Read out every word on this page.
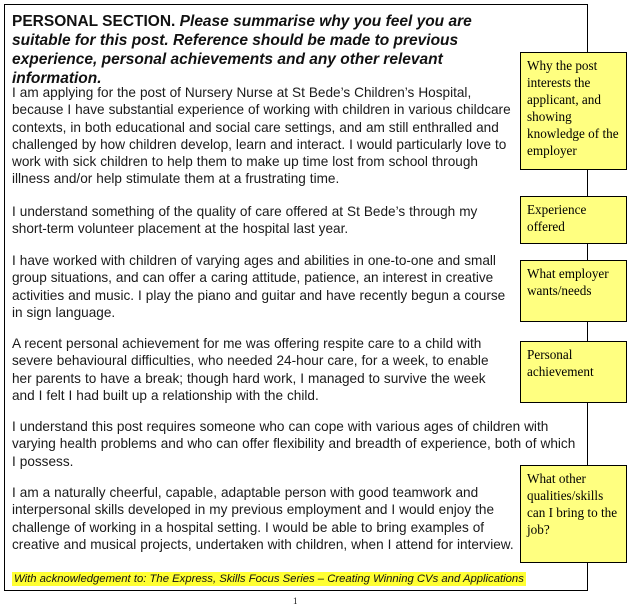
PERSONAL SECTION. Please summarise why you feel you are suitable for this post. Reference should be made to previous experience, personal achievements and any other relevant information.

I am applying for the post of Nursery Nurse at St Bede’s Children’s Hospital, because I have substantial experience of working with children in various childcare contexts, in both educational and social care settings, and am still enthralled and challenged by how children develop, learn and interact. I would particularly love to work with sick children to help them to make up time lost from school through illness and/or help stimulate them at a frustrating time.

I understand something of the quality of care offered at St Bede’s through my short-term volunteer placement at the hospital last year.

I have worked with children of varying ages and abilities in one-to-one and small group situations, and can offer a caring attitude, patience, an interest in creative activities and music. I play the piano and guitar and have recently begun a course in sign language.

A recent personal achievement for me was offering respite care to a child with severe behavioural difficulties, who needed 24-hour care, for a week, to enable her parents to have a break; though hard work, I managed to survive the week and I felt I had built up a relationship with the child.

I understand this post requires someone who can cope with various ages of children with varying health problems and who can offer flexibility and breadth of experience, both of which I possess.

I am a naturally cheerful, capable, adaptable person with good teamwork and interpersonal skills developed in my previous employment and I would enjoy the challenge of working in a hospital setting. I would be able to bring examples of creative and musical projects, undertaken with children, when I attend for interview.

Why the post interests the applicant, and showing knowledge of the employer
Experience offered
What employer wants/needs
Personal achievement
What other qualities/skills can I bring to the job?

With acknowledgement to: The Express, Skills Focus Series – Creating Winning CVs and Applications

1
